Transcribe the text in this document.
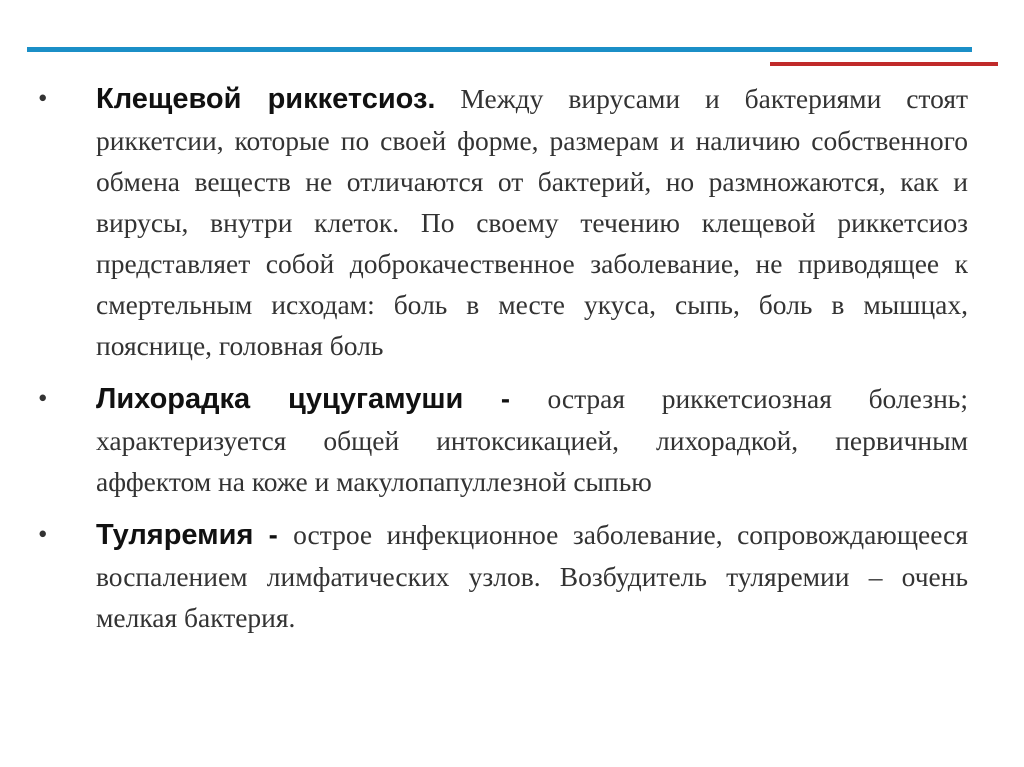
•	Клещевой риккетсиоз. Между вирусами и бактериями стоят риккетсии, которые по своей форме, размерам и наличию собственного обмена веществ не отличаются от бактерий, но размножаются, как и вирусы, внутри клеток. По своему течению клещевой риккетсиоз представляет собой доброкачественное заболевание, не приводящее к смертельным исходам: боль в месте укуса, сыпь, боль в мышцах, пояснице, головная боль
•	Лихорадка цуцугамуши - острая риккетсиозная болезнь; характеризуется общей интоксикацией, лихорадкой, первичным аффектом на коже и макулопапуллезной сыпью
•	Туляремия - острое инфекционное заболевание, сопровождающееся воспалением лимфатических узлов. Возбудитель туляремии – очень мелкая бактерия.
